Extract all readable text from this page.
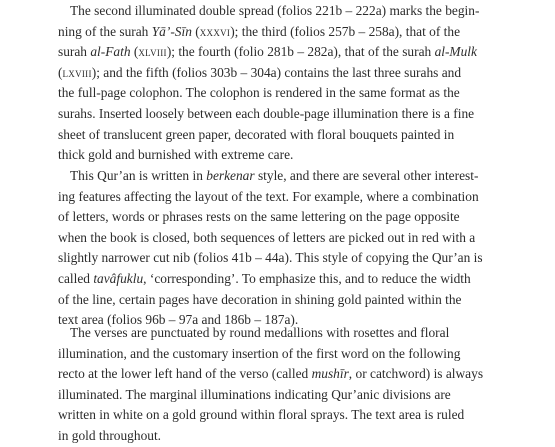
The second illuminated double spread (folios 221b – 222a) marks the begin-
ning of the surah Yā’-Sīn (xxxvi); the third (folios 257b – 258a), that of the
surah al-Fath (xlviii); the fourth (folio 281b – 282a), that of the surah al-Mulk
(lxviii); and the fifth (folios 303b – 304a) contains the last three surahs and
the full-page colophon. The colophon is rendered in the same format as the
surahs. Inserted loosely between each double-page illumination there is a fine
sheet of translucent green paper, decorated with floral bouquets painted in
thick gold and burnished with extreme care.
This Qur’an is written in berkenar style, and there are several other interest-
ing features affecting the layout of the text. For example, where a combination
of letters, words or phrases rests on the same lettering on the page opposite
when the book is closed, both sequences of letters are picked out in red with a
slightly narrower cut nib (folios 41b – 44a). This style of copying the Qur’an is
called tavâfuklu, ‘corresponding’. To emphasize this, and to reduce the width
of the line, certain pages have decoration in shining gold painted within the
text area (folios 96b – 97a and 186b – 187a).
The verses are punctuated by round medallions with rosettes and floral
illumination, and the customary insertion of the first word on the following
recto at the lower left hand of the verso (called mushīr, or catchword) is always
illuminated. The marginal illuminations indicating Qur’anic divisions are
written in white on a gold ground within floral sprays. The text area is ruled
in gold throughout.
